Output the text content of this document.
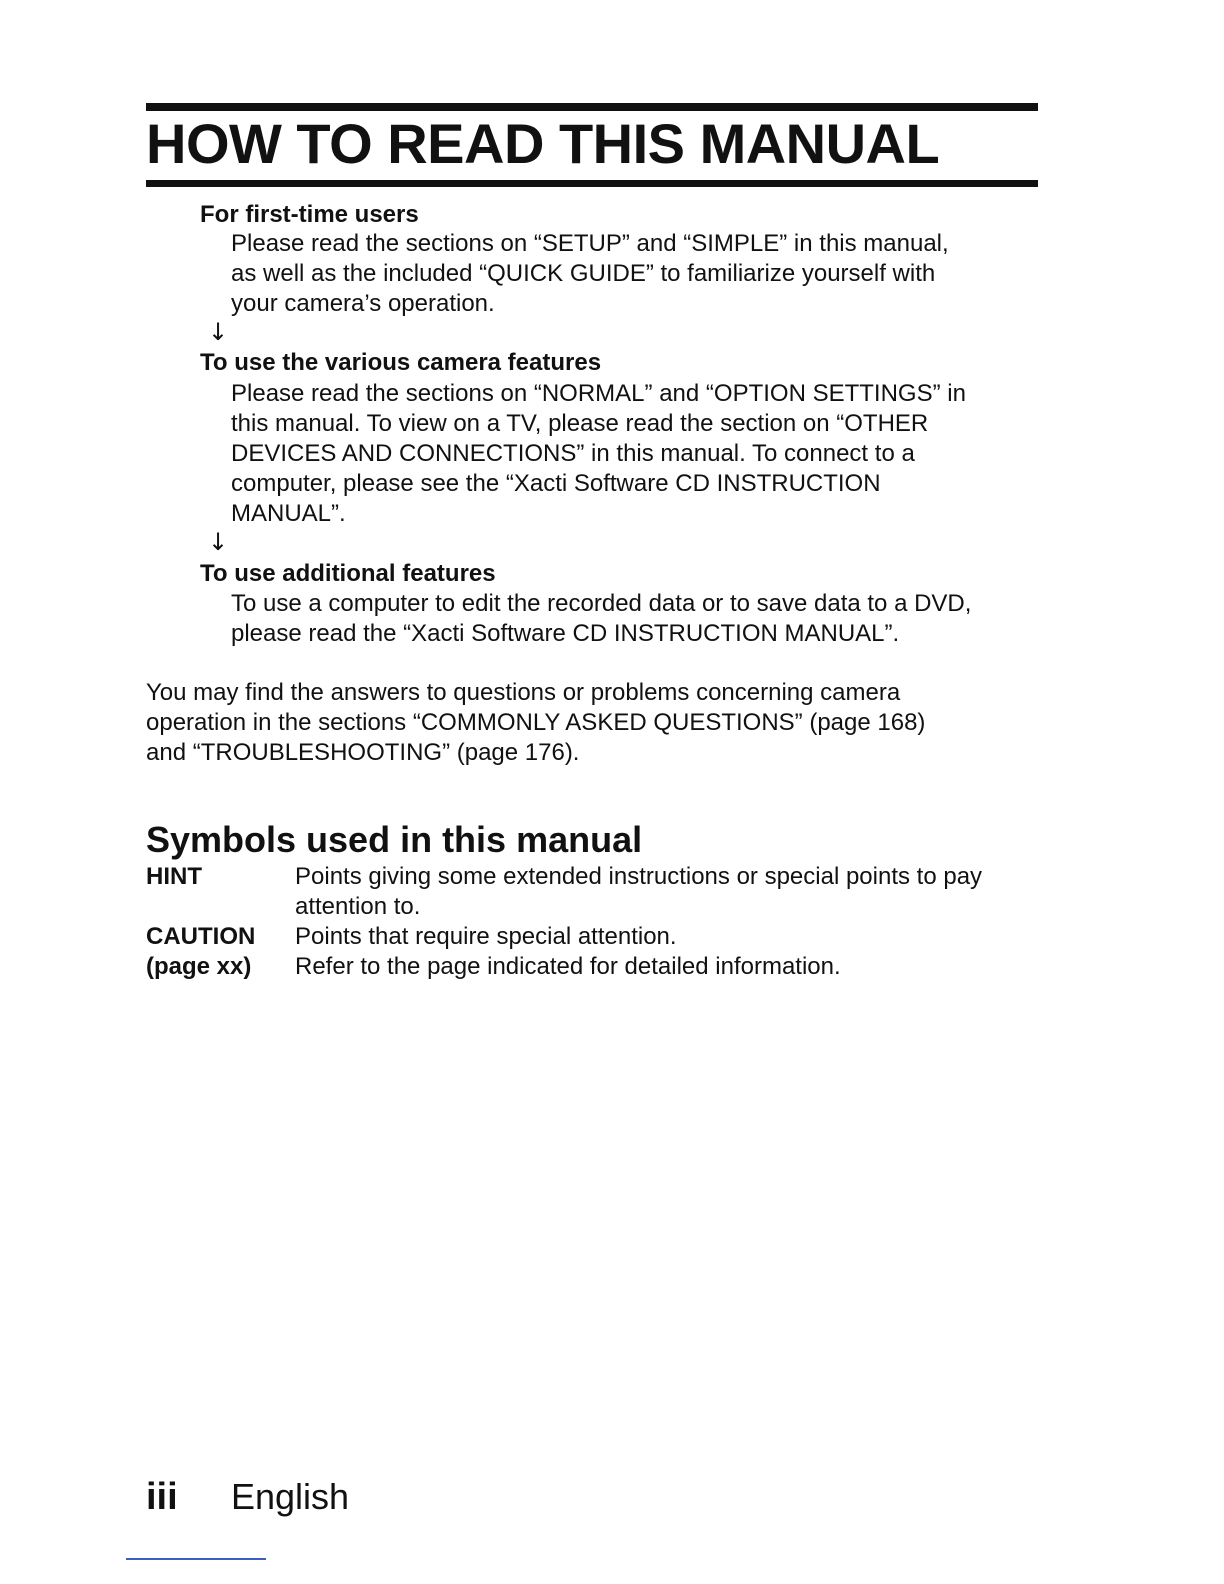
HOW TO READ THIS MANUAL
For first-time users
Please read the sections on “SETUP” and “SIMPLE” in this manual,
as well as the included “QUICK GUIDE” to familiarize yourself with
your camera’s operation.
↓
To use the various camera features
Please read the sections on “NORMAL” and “OPTION SETTINGS” in
this manual. To view on a TV, please read the section on “OTHER
DEVICES AND CONNECTIONS” in this manual. To connect to a
computer, please see the “Xacti Software CD INSTRUCTION
MANUAL”.
↓
To use additional features
To use a computer to edit the recorded data or to save data to a DVD,
please read the “Xacti Software CD INSTRUCTION MANUAL”.
You may find the answers to questions or problems concerning camera
operation in the sections “COMMONLY ASKED QUESTIONS” (page 168)
and “TROUBLESHOOTING” (page 176).
Symbols used in this manual
HINT	Points giving some extended instructions or special points to pay
attention to.
CAUTION Points that require special attention.
(page xx) Refer to the page indicated for detailed information.
iii English
